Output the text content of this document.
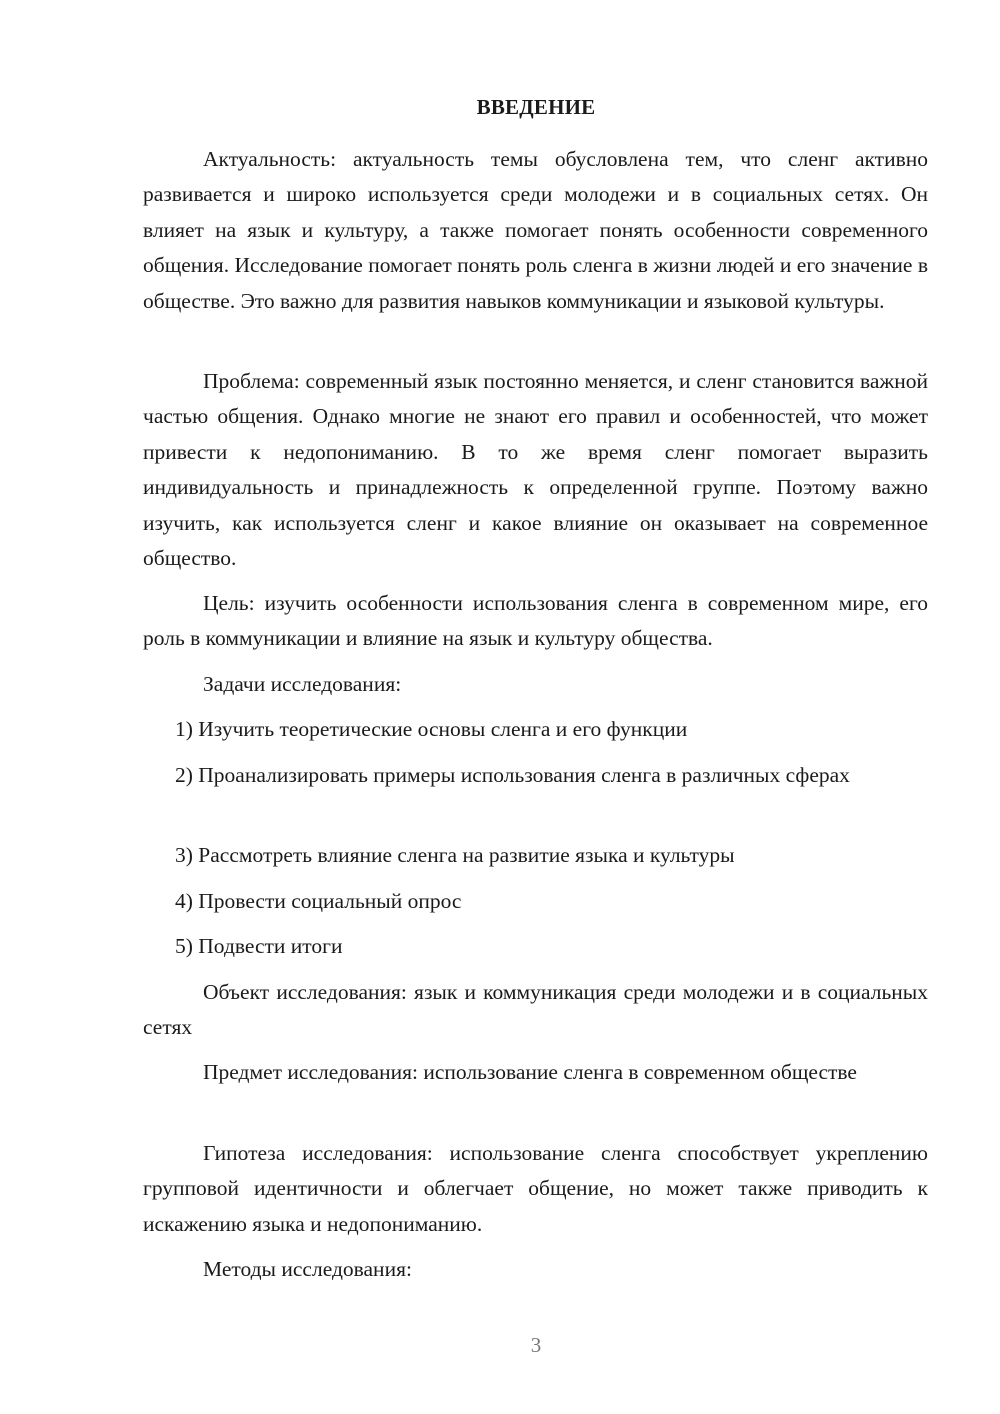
ВВЕДЕНИЕ

Актуальность: актуальность темы обусловлена тем, что сленг активно развивается и широко используется среди молодежи и в социальных сетях. Он влияет на язык и культуру, а также помогает понять особенности современного общения. Исследование помогает понять роль сленга в жизни людей и его значение в обществе. Это важно для развития навыков коммуникации и языковой культуры.

Проблема: современный язык постоянно меняется, и сленг становится важной частью общения. Однако многие не знают его правил и особенностей, что может привести к недопониманию. В то же время сленг помогает выразить индивидуальность и принадлежность к определенной группе. Поэтому важно изучить, как используется сленг и какое влияние он оказывает на современное общество.

Цель: изучить особенности использования сленга в современном мире, его роль в коммуникации и влияние на язык и культуру общества.

Задачи исследования:

1) Изучить теоретические основы сленга и его функции

2) Проанализировать примеры использования сленга в различных сферах

3) Рассмотреть влияние сленга на развитие языка и культуры

4) Провести социальный опрос

5) Подвести итоги

Объект исследования: язык и коммуникация среди молодежи и в социальных сетях

Предмет исследования: использование сленга в современном обществе

Гипотеза исследования: использование сленга способствует укреплению групповой идентичности и облегчает общение, но может также приводить к искажению языка и недопониманию.

Методы исследования:

3
